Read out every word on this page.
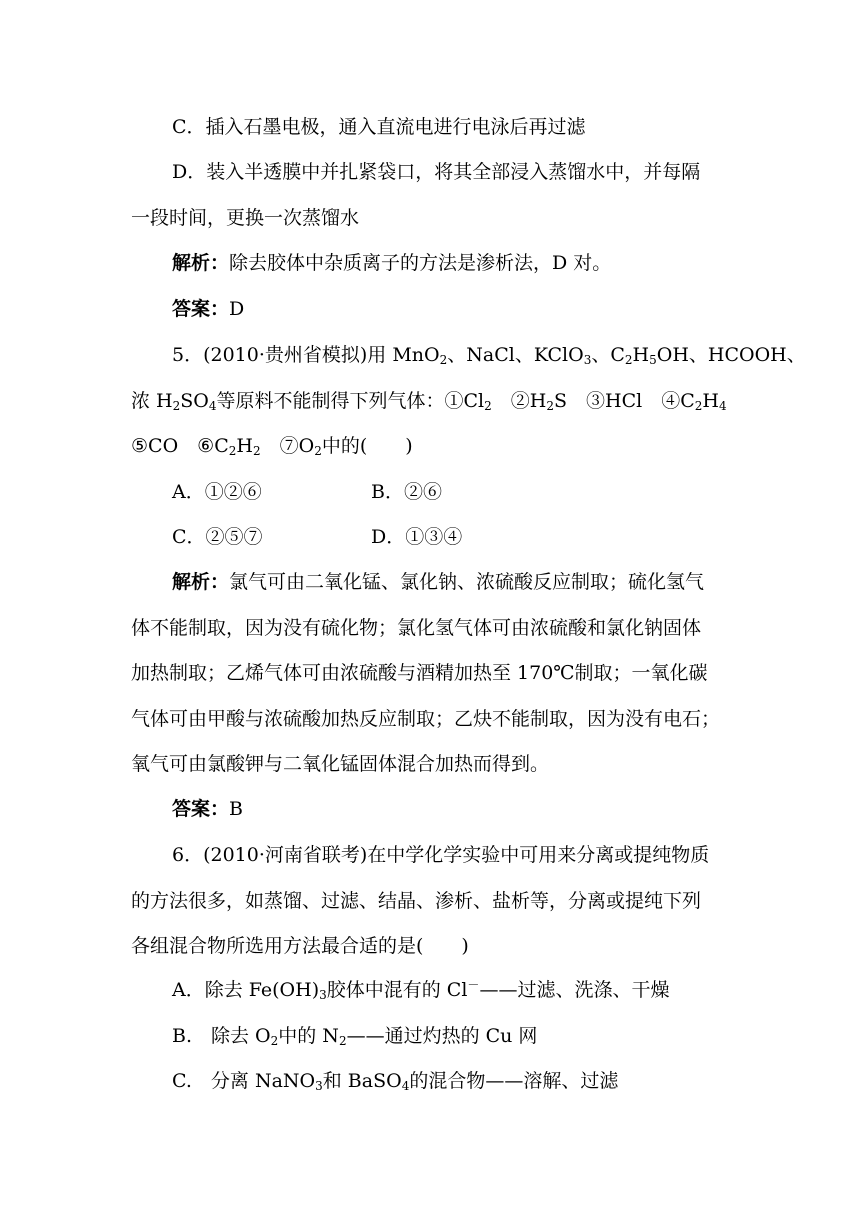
C．插入石墨电极，通入直流电进行电泳后再过滤
D．装入半透膜中并扎紧袋口，将其全部浸入蒸馏水中，并每隔
一段时间，更换一次蒸馏水
解析：除去胶体中杂质离子的方法是渗析法，D 对。
答案：D
5．(2010·贵州省模拟)用 MnO$_2$、NaCl、KClO$_3$、$C_2H_5OH$、HCOOH、
浓 $H_2SO_4$等原料不能制得下列气体：$①Cl_2$　 $②H_2S$　 ③HCl　 $④C_2H_4$
⑤CO　 $⑥C_2H_2$　 $⑦O_2$中的(　　)
A．①②⑥	B．②⑥
C．②⑤⑦	D．①③④
解析：氯气可由二氧化锰、氯化钠、浓硫酸反应制取；硫化氢气
体不能制取，因为没有硫化物；氯化氢气体可由浓硫酸和氯化钠固体
加热制取；乙烯气体可由浓硫酸与酒精加热至 170℃制取；一氧化碳
气体可由甲酸与浓硫酸加热反应制取；乙炔不能制取，因为没有电石；
氧气可由氯酸钾与二氧化锰固体混合加热而得到。
答案：B
6．(2010·河南省联考)在中学化学实验中可用来分离或提纯物质
的方法很多，如蒸馏、过滤、结晶、渗析、盐析等，分离或提纯下列
各组混合物所选用方法最合适的是(　　)
A．除去 $Fe(OH)_3$胶体中混有的 Cl－——过滤、洗涤、干燥
B.　除去 $O_2$中的 $N_2——$通过灼热的 Cu 网
C.　分离 NaNO$_3$和 BaSO$_4$的混合物——溶解、过滤
